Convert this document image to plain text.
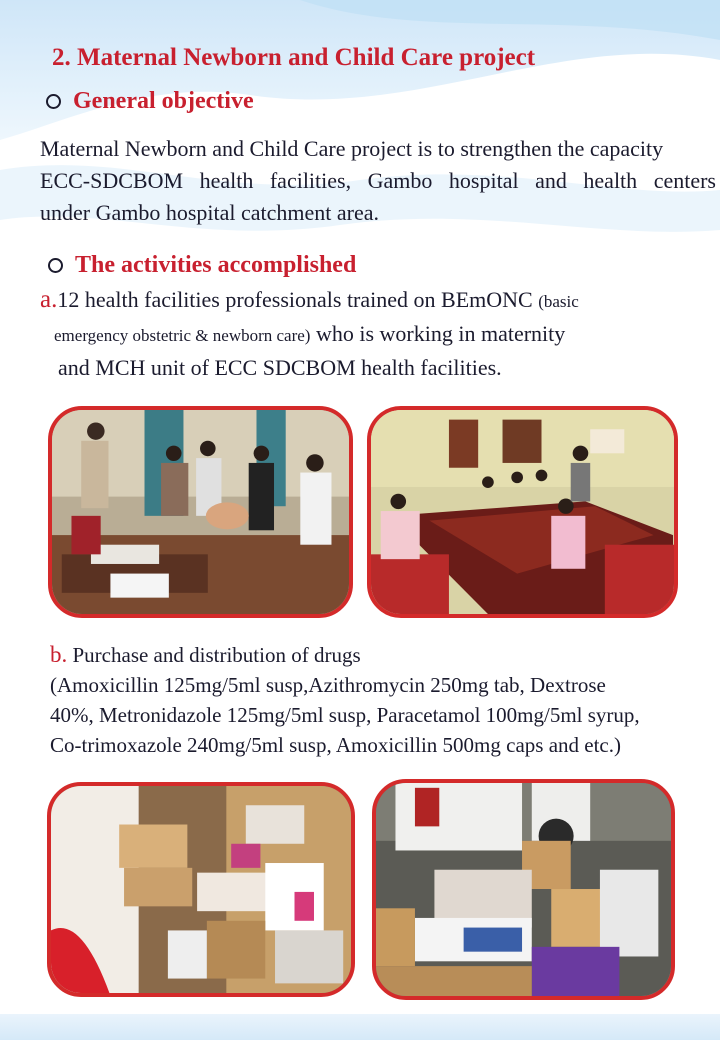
2. Maternal Newborn and Child Care project
General objective

Maternal Newborn and Child Care project is to strengthen the capacity
ECC-SDCBOM health facilities, Gambo hospital and health centers
under Gambo hospital catchment area.

The activities accomplished

a.12 health facilities professionals trained on BEmONC (basic
emergency obstetric & newborn care) who is working in maternity
and MCH unit of ECC SDCBOM health facilities.

b. Purchase and distribution of drugs
(Amoxicillin 125mg/5ml susp,Azithromycin 250mg tab, Dextrose
40%, Metronidazole 125mg/5ml susp, Paracetamol 100mg/5ml syrup,
Co-trimoxazole 240mg/5ml susp, Amoxicillin 500mg caps and etc.)
